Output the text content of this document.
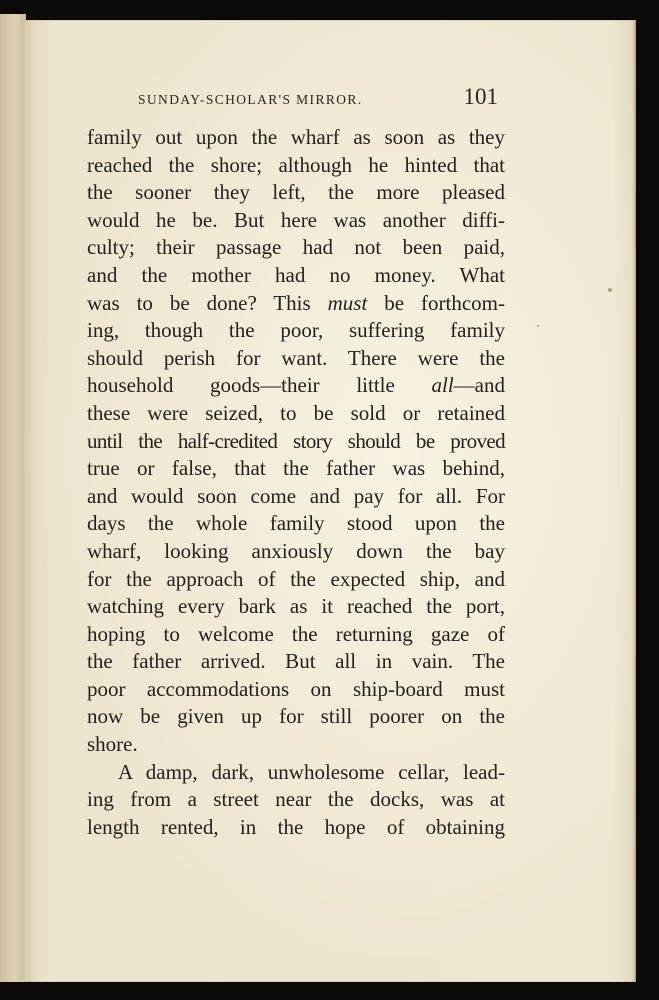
SUNDAY-SCHOLAR'S MIRROR.	101
family out upon the wharf as soon as they
reached the shore; although he hinted that
the sooner they left, the more pleased
would he be. But here was another diffi-
culty; their passage had not been paid,
and the mother had no money. What
was to be done? This must be forthcom-
ing, though the poor, suffering family
should perish for want. There were the
household goods—their little all—and
these were seized, to be sold or retained
until the half-credited story should be proved
true or false, that the father was behind,
and would soon come and pay for all. For
days the whole family stood upon the
wharf, looking anxiously down the bay
for the approach of the expected ship, and
watching every bark as it reached the port,
hoping to welcome the returning gaze of
the father arrived. But all in vain. The
poor accommodations on ship-board must
now be given up for still poorer on the
shore.
A damp, dark, unwholesome cellar, lead-
ing from a street near the docks, was at
length rented, in the hope of obtaining
